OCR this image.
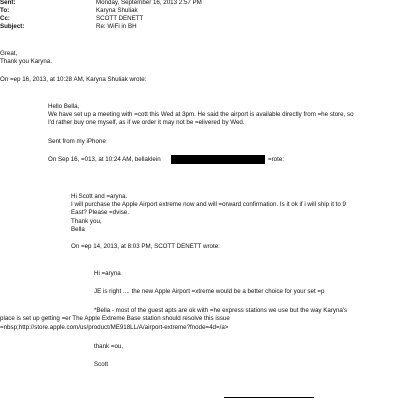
Sent:	Monday, September 16, 2013 2:57 PM
To:	Karyna Shuliak
Cc:	SCOTT DENETT
Subject:	Re: WiFi in BH
Great,
Thank you Karyna.
On =ep 16, 2013, at 10:28 AM, Karyna Shuliak wrote:
Hello Bella,
We have set up a meeting with =cott this Wed at 3pm. He said the airport is available directly from =he store, so
I'd rather buy one myself, as if we order it may not be =elivered by Wed.
Sent from my iPhone
On Sep 16, =013, at 10:24 AM, bellaklein	=rote:
Hi Scott and =aryna.
I will purchase the Apple Airport extreme now and will =orward confirmation. Is it ok if i will ship it to 9
East? Please =dvise.
Thank you,
Bella
On =ep 14, 2013, at 8:03 PM, SCOTT DENETT wrote:
Hi =aryna
JE is right .... the new Apple Airport =xtreme would be a better choice for your set =p
*Bella - most of the guest apts are ok with =he express stations we use but the way Karyna's
place is set up getting =er The Apple Extreme Base station should resolve this issue
=nbsp;http://store.apple.com/us/product/ME918LL/A/airport-extreme?fnode=4d=/a>
thank =ou,
Scott
